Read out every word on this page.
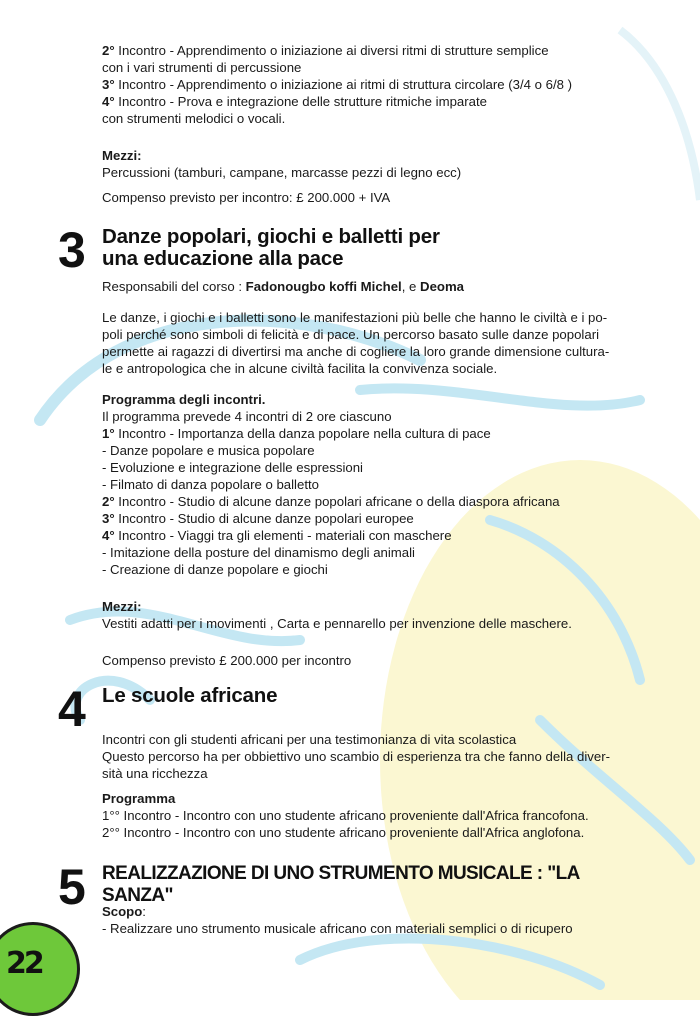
22
2° Incontro - Apprendimento o iniziazione ai diversi ritmi di strutture semplice
con i vari strumenti di percussione
3° Incontro - Apprendimento o iniziazione ai ritmi di struttura circolare (3/4 o 6/8 )
4° Incontro - Prova e integrazione delle strutture ritmiche imparate
con strumenti melodici o vocali.
Mezzi:
Percussioni (tamburi, campane, marcasse pezzi di legno ecc)
Compenso previsto per incontro: £ 200.000 + IVA
3 Danze popolari, giochi e balletti per
una educazione alla pace
Responsabili del corso : Fadonougbo koffi Michel, e Deoma
Le danze, i giochi e i balletti sono le manifestazioni più belle che hanno le civiltà e i po-
poli perché sono simboli di felicità e di pace. Un percorso basato sulle danze popolari
permette ai ragazzi di divertirsi ma anche di cogliere la loro grande dimensione cultura-
le e antropologica che in alcune civiltà facilita la convivenza sociale.
Programma degli incontri.
Il programma prevede 4 incontri di 2 ore ciascuno
1° Incontro - Importanza della danza popolare nella cultura di pace
- Danze popolare e musica popolare
- Evoluzione e integrazione delle espressioni
- Filmato di danza popolare o balletto
2° Incontro - Studio di alcune danze popolari africane o della diaspora africana
3° Incontro - Studio di alcune danze popolari europee
4° Incontro - Viaggi tra gli elementi - materiali con maschere
- Imitazione della posture del dinamismo degli animali
- Creazione di danze popolare e giochi
Mezzi:
Vestiti adatti per i movimenti , Carta e pennarello per invenzione delle maschere.
Compenso previsto £ 200.000 per incontro
4 Le scuole africane
Incontri con gli studenti africani per una testimonianza di vita scolastica
Questo percorso ha per obbiettivo uno scambio di esperienza tra che fanno della diver-
sità una ricchezza
Programma
1°° Incontro - Incontro con uno studente africano proveniente dall'Africa francofona.
2°° Incontro - Incontro con uno studente africano proveniente dall'Africa anglofona.
5 REALIZZAZIONE DI UNO STRUMENTO MUSICALE : "LA SANZA"
Scopo:
- Realizzare uno strumento musicale africano con materiali semplici o di ricupero
